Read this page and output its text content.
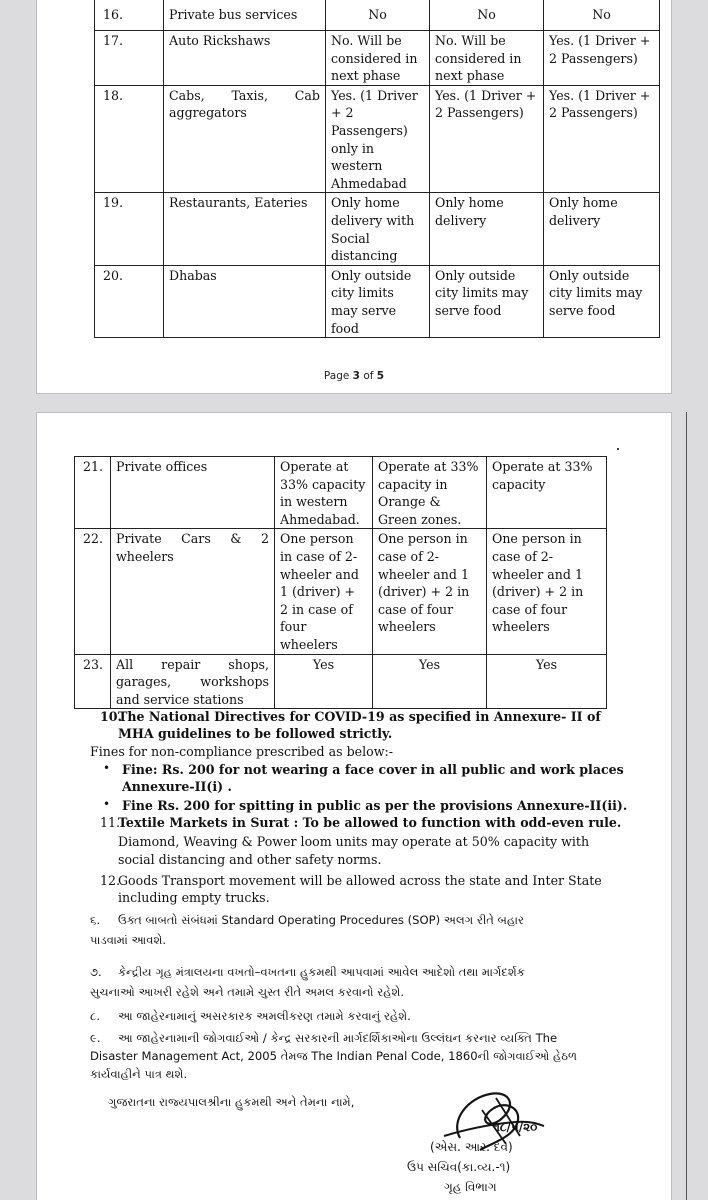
16.	Private bus services	No	No	No
17.	Auto Rickshaws	No. Will be considered in next phase	No. Will be considered in next phase	Yes. (1 Driver + 2 Passengers)
18.	Cabs, Taxis, Cab aggregators	Yes. (1 Driver + 2 Passengers) only in western Ahmedabad	Yes. (1 Driver + 2 Passengers)	Yes. (1 Driver + 2 Passengers)
19.	Restaurants, Eateries	Only home delivery with Social distancing	Only home delivery	Only home delivery
20.	Dhabas	Only outside city limits may serve food	Only outside city limits may serve food	Only outside city limits may serve food
Page 3 of 5
21.	Private offices	Operate at 33% capacity in western Ahmedabad.	Operate at 33% capacity in Orange & Green zones.	Operate at 33% capacity
22.	Private Cars & 2 wheelers	One person in case of 2-wheeler and 1 (driver) + 2 in case of four wheelers	One person in case of 2-wheeler and 1 (driver) + 2 in case of four wheelers	One person in case of 2-wheeler and 1 (driver) + 2 in case of four wheelers
23.	All repair shops, garages, workshops and service stations	Yes	Yes	Yes
10.
The National Directives for COVID-19 as specified in Annexure- II of
MHA guidelines to be followed strictly.
Fines for non-compliance prescribed as below:-
• Fine: Rs. 200 for not wearing a face cover in all public and work places
Annexure-II(i) .
• Fine Rs. 200 for spitting in public as per the provisions Annexure-II(ii).
11.
Textile Markets in Surat : To be allowed to function with odd-even rule.
Diamond, Weaving & Power loom units may operate at 50% capacity with
social distancing and other safety norms.
12.
Goods Transport movement will be allowed across the state and Inter State
including empty trucks.
૬. ઉક્ત બાબતો સંબંધમાં Standard Operating Procedures (SOP) અલગ રીતે બહાર
પાડવામાં આવશે.
૭. કેન્દ્રીય ગૃહ મંત્રાલયના વખતો–વખતના હુકમથી આપવામાં આવેલ આદેશો તથા માર્ગદર્શક
સુચનાઓ આખરી રહેશે અને તમામે ચુસ્ત રીતે અમલ કરવાનો રહેશે.
૮. આ જાહેરનામાનું અસરકારક અમલીકરણ તમામે કરવાનું રહેશે.
૯. આ જાહેરનામાની જોગવાઈઓ / કેન્દ્ર સરકારની માર્ગદર્શિકાઓના ઉલ્લંઘન કરનાર વ્યક્તિ The
Disaster Management Act, 2005 તેમજ The Indian Penal Code, 1860ની જોગવાઈઓ હેઠળ
કાર્યવાહીને પાત્ર થશે.
ગુજરાતના રાજ્યપાલશ્રીના હુકમથી અને તેમના નામે,
૧૮/૫/૨૦
(એસ. આર. દવે)
ઉપ સચિવ(કા.વ્ય.-૧)
ગૃહ વિભાગ
